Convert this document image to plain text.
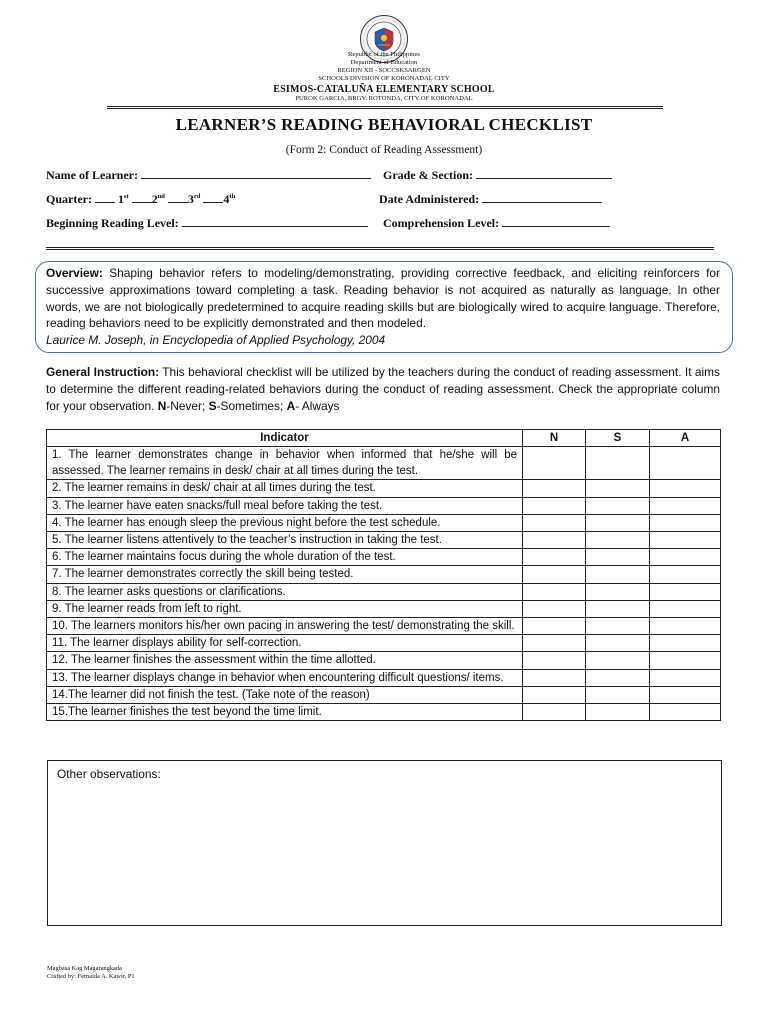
Republic of the Philippines
Department of Education
REGION XII - SOCCSKSARGEN
SCHOOLS DIVISION OF KORONADAL CITY
ESIMOS-CATALUÑA ELEMENTARY SCHOOL
PUROK GARCIA, BRGY. ROTONDA, CITY OF KORONADAL
LEARNER’S READING BEHAVIORAL CHECKLIST
(Form 2: Conduct of Reading Assessment)
Name of Learner:	Grade & Section:
Quarter: 1st 2nd 3rd 4th	Date Administered:
Beginning Reading Level:	Comprehension Level:
Overview: Shaping behavior refers to modeling/demonstrating, providing corrective feedback, and eliciting reinforcers for successive approximations toward completing a task. Reading behavior is not acquired as naturally as language. In other words, we are not biologically predetermined to acquire reading skills but are biologically wired to acquire language. Therefore, reading behaviors need to be explicitly demonstrated and then modeled.
Laurice M. Joseph, in Encyclopedia of Applied Psychology, 2004
General Instruction: This behavioral checklist will be utilized by the teachers during the conduct of reading assessment. It aims to determine the different reading-related behaviors during the conduct of reading assessment. Check the appropriate column for your observation. N-Never; S-Sometimes; A- Always
Indicator	N	S	A
1. The learner demonstrates change in behavior when informed that he/she will be assessed. The learner remains in desk/ chair at all times during the test.			
2. The learner remains in desk/ chair at all times during the test.			
3. The learner have eaten snacks/full meal before taking the test.			
4. The learner has enough sleep the previous night before the test schedule.			
5. The learner listens attentively to the teacher’s instruction in taking the test.			
6. The learner maintains focus during the whole duration of the test.			
7. The learner demonstrates correctly the skill being tested.			
8. The learner asks questions or clarifications.			
9. The learner reads from left to right.			
10. The learners monitors his/her own pacing in answering the test/ demonstrating the skill.			
11. The learner displays ability for self-correction.			
12. The learner finishes the assessment within the time allotted.			
13. The learner displays change in behavior when encountering difficult questions/ items.			
14.The learner did not finish the test. (Take note of the reason)			
15.The learner finishes the test beyond the time limit.			
Other observations:
Magbasa Kag Magarangkada
Crafted by: Fernaida A. Kawir, P1
